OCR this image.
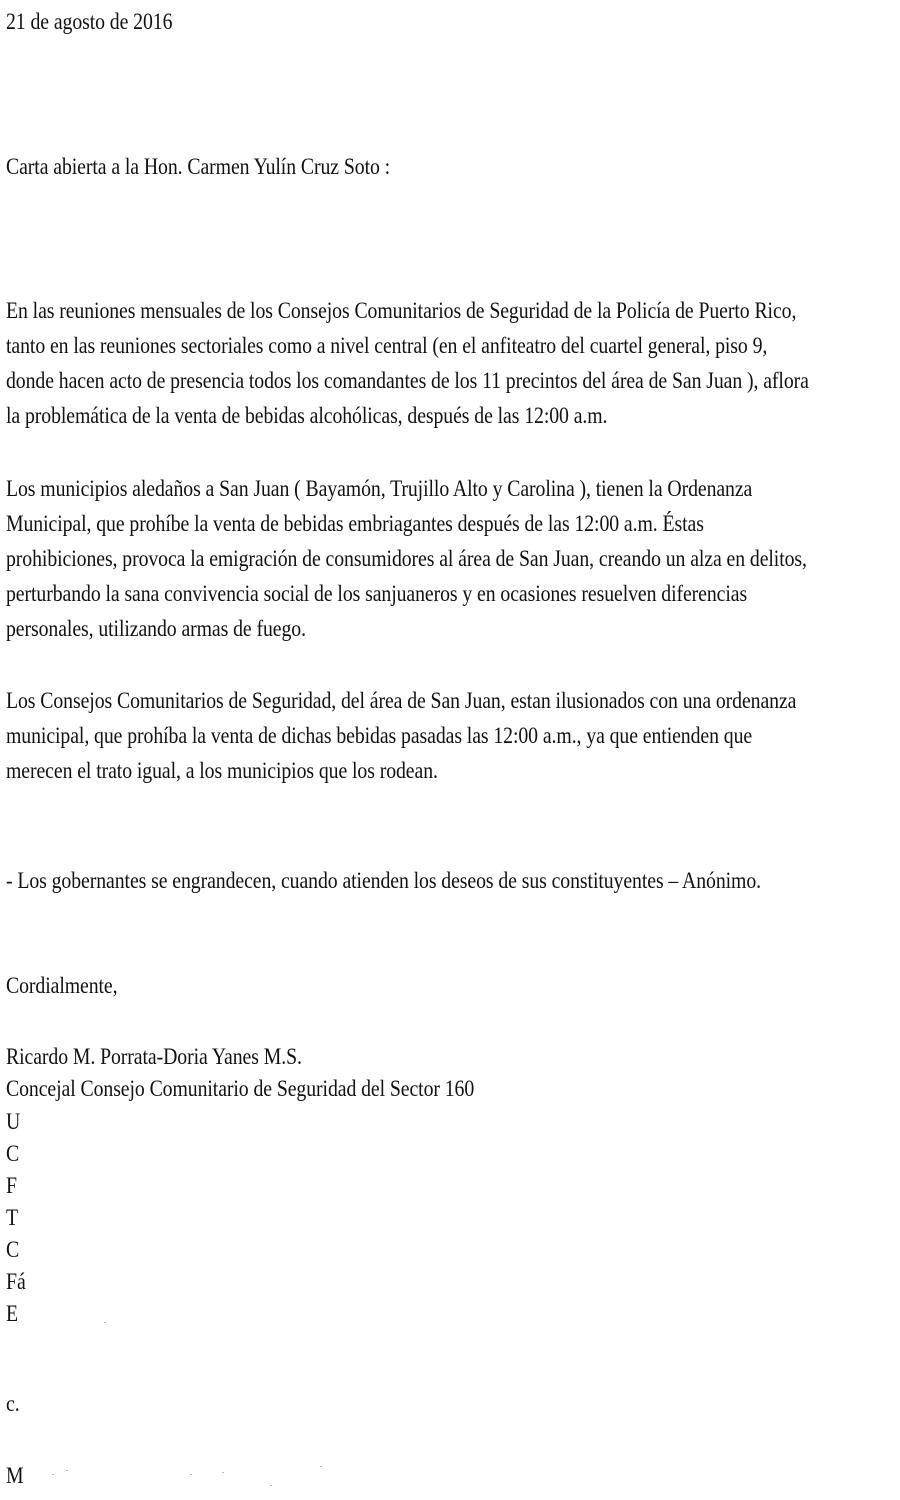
21 de agosto de 2016

Carta abierta a la Hon. Carmen Yulín Cruz Soto :

En las reuniones mensuales de los Consejos Comunitarios de Seguridad de la Policía de Puerto Rico,
tanto en las reuniones sectoriales como a nivel central (en el anfiteatro del cuartel general, piso 9,
donde hacen acto de presencia todos los comandantes de los 11 precintos del área de San Juan ), aflora
la problemática de la venta de bebidas alcohólicas, después de las 12:00 a.m.
Los municipios aledaños a San Juan ( Bayamón, Trujillo Alto y Carolina ), tienen la Ordenanza
Municipal, que prohíbe la venta de bebidas embriagantes después de las 12:00 a.m. Éstas
prohibiciones, provoca la emigración de consumidores al área de San Juan, creando un alza en delitos,
perturbando la sana convivencia social de los sanjuaneros y en ocasiones resuelven diferencias
personales, utilizando armas de fuego.
Los Consejos Comunitarios de Seguridad, del área de San Juan, estan ilusionados con una ordenanza
municipal, que prohíba la venta de dichas bebidas pasadas las 12:00 a.m., ya que entienden que
merecen el trato igual, a los municipios que los rodean.

- Los gobernantes se engrandecen, cuando atienden los deseos de sus constituyentes – Anónimo.

Cordialmente,

Ricardo M. Porrata-Doria Yanes M.S.

Concejal Consejo Comunitario de Seguridad del Sector 160

U
C
F
T
C
Fá
E

c.

M
